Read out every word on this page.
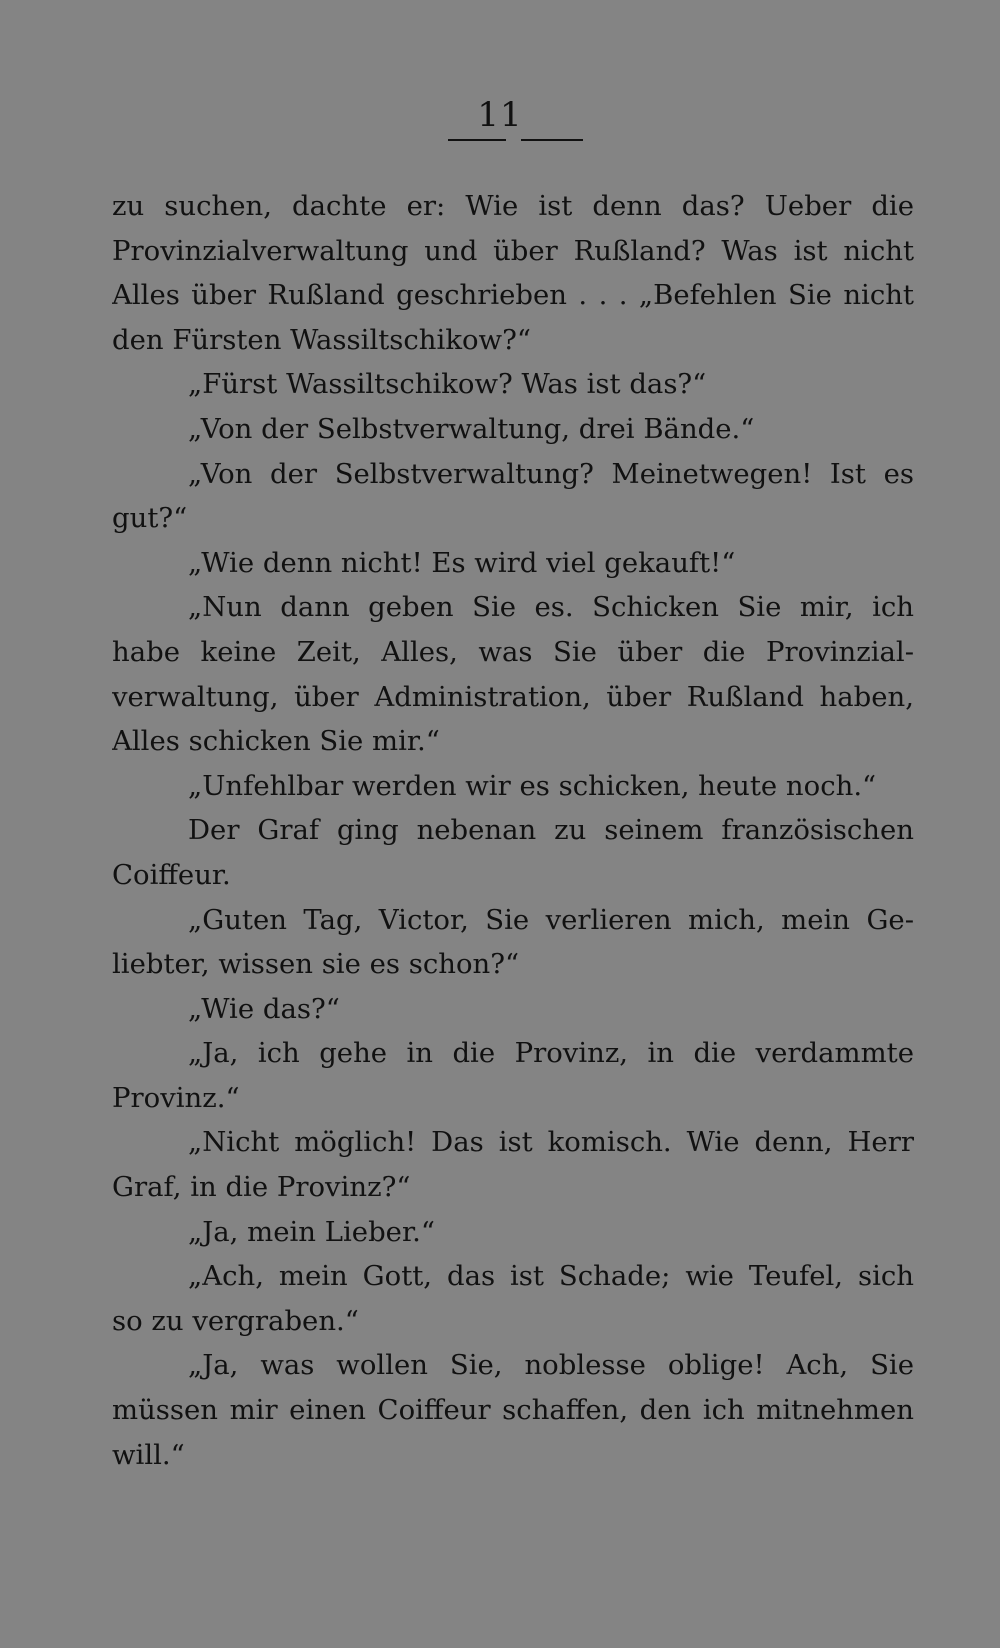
11
zu suchen, dachte er: Wie ist denn das? Ueber die
Provinzialverwaltung und über Rußland? Was ist nicht
Alles über Rußland geschrieben . . . „Befehlen Sie nicht
den Fürsten Wassiltschikow?“
„Fürst Wassiltschikow? Was ist das?“
„Von der Selbstverwaltung, drei Bände.“
„Von der Selbstverwaltung? Meinetwegen! Ist es
gut?“
„Wie denn nicht! Es wird viel gekauft!“
„Nun dann geben Sie es. Schicken Sie mir, ich
habe keine Zeit, Alles, was Sie über die Provinzial-
verwaltung, über Administration, über Rußland haben,
Alles schicken Sie mir.“
„Unfehlbar werden wir es schicken, heute noch.“
Der Graf ging nebenan zu seinem französischen
Coiffeur.
„Guten Tag, Victor, Sie verlieren mich, mein Ge-
liebter, wissen sie es schon?“
„Wie das?“
„Ja, ich gehe in die Provinz, in die verdammte
Provinz.“
„Nicht möglich! Das ist komisch. Wie denn, Herr
Graf, in die Provinz?“
„Ja, mein Lieber.“
„Ach, mein Gott, das ist Schade; wie Teufel, sich
so zu vergraben.“
„Ja, was wollen Sie, noblesse oblige! Ach, Sie
müssen mir einen Coiffeur schaffen, den ich mitnehmen
will.“
